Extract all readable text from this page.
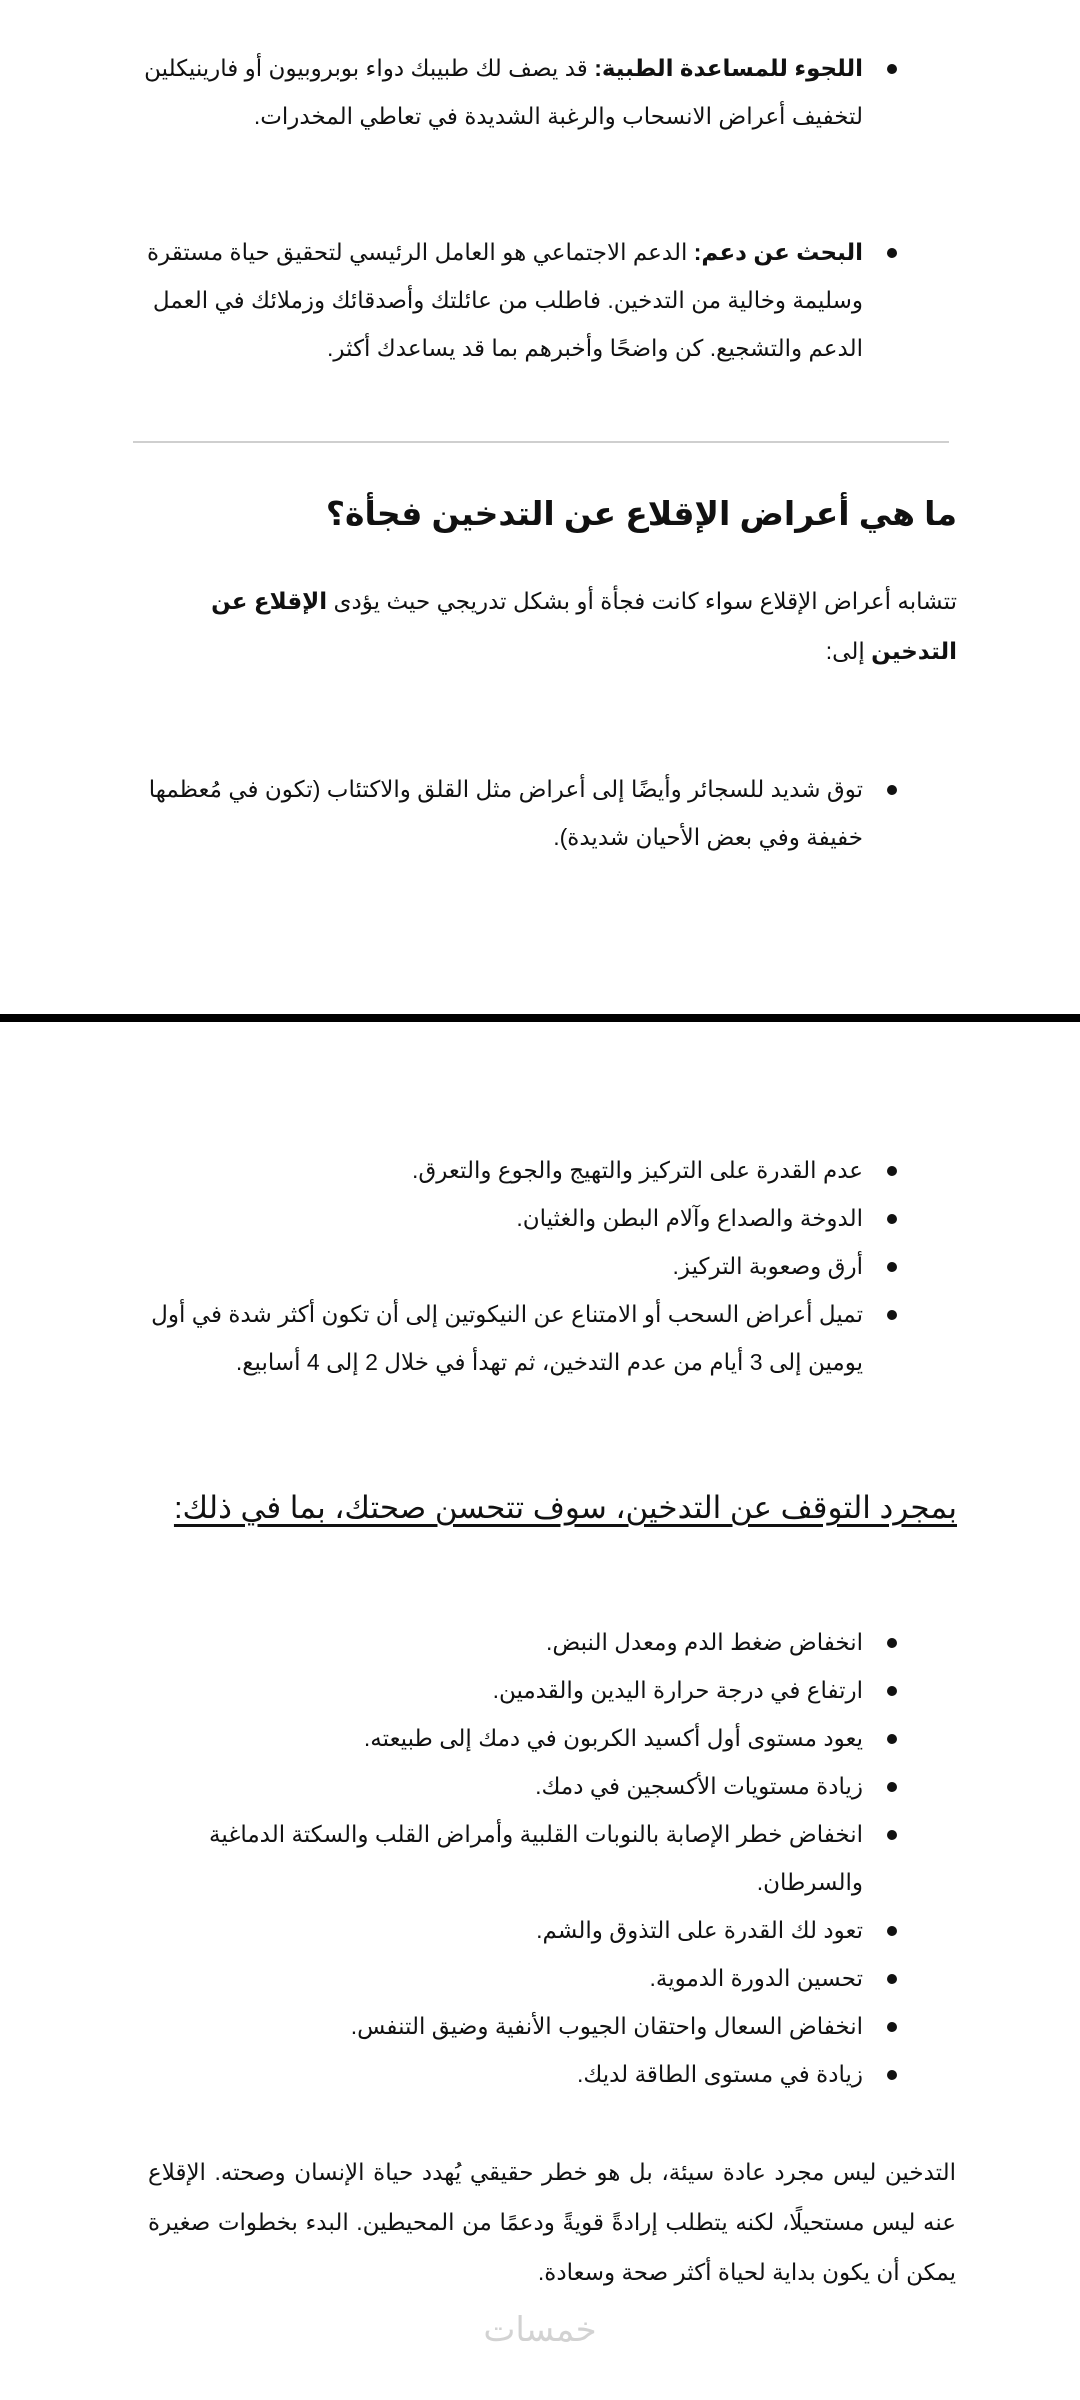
اللجوء للمساعدة الطبية: قد يصف لك طبيبك دواء بوبروبيون أو فارينيكلين لتخفيف أعراض الانسحاب والرغبة الشديدة في تعاطي المخدرات.
البحث عن دعم: الدعم الاجتماعي هو العامل الرئيسي لتحقيق حياة مستقرة وسليمة وخالية من التدخين. فاطلب من عائلتك وأصدقائك وزملائك في العمل الدعم والتشجيع. كن واضحًا وأخبرهم بما قد يساعدك أكثر.
ما هي أعراض الإقلاع عن التدخين فجأة؟
تتشابه أعراض الإقلاع سواء كانت فجأة أو بشكل تدريجي حيث يؤدى الإقلاع عن التدخين إلى:
توق شديد للسجائر وأيضًا إلى أعراض مثل القلق والاكتئاب (تكون في مُعظمها خفيفة وفي بعض الأحيان شديدة).
عدم القدرة على التركيز والتهيج والجوع والتعرق.
الدوخة والصداع وآلام البطن والغثيان.
أرق وصعوبة التركيز.
تميل أعراض السحب أو الامتناع عن النيكوتين إلى أن تكون أكثر شدة في أول يومين إلى 3 أيام من عدم التدخين، ثم تهدأ في خلال 2 إلى 4 أسابيع.
بمجرد التوقف عن التدخين، سوف تتحسن صحتك، بما في ذلك:
انخفاض ضغط الدم ومعدل النبض.
ارتفاع في درجة حرارة اليدين والقدمين.
يعود مستوى أول أكسيد الكربون في دمك إلى طبيعته.
زيادة مستويات الأكسجين في دمك.
انخفاض خطر الإصابة بالنوبات القلبية وأمراض القلب والسكتة الدماغية والسرطان.
تعود لك القدرة على التذوق والشم.
تحسين الدورة الدموية.
انخفاض السعال واحتقان الجيوب الأنفية وضيق التنفس.
زيادة في مستوى الطاقة لديك.
التدخين ليس مجرد عادة سيئة، بل هو خطر حقيقي يُهدد حياة الإنسان وصحته. الإقلاع عنه ليس مستحيلًا، لكنه يتطلب إرادةً قويةً ودعمًا من المحيطين. البدء بخطوات صغيرة يمكن أن يكون بداية لحياة أكثر صحة وسعادة.
خمسات
